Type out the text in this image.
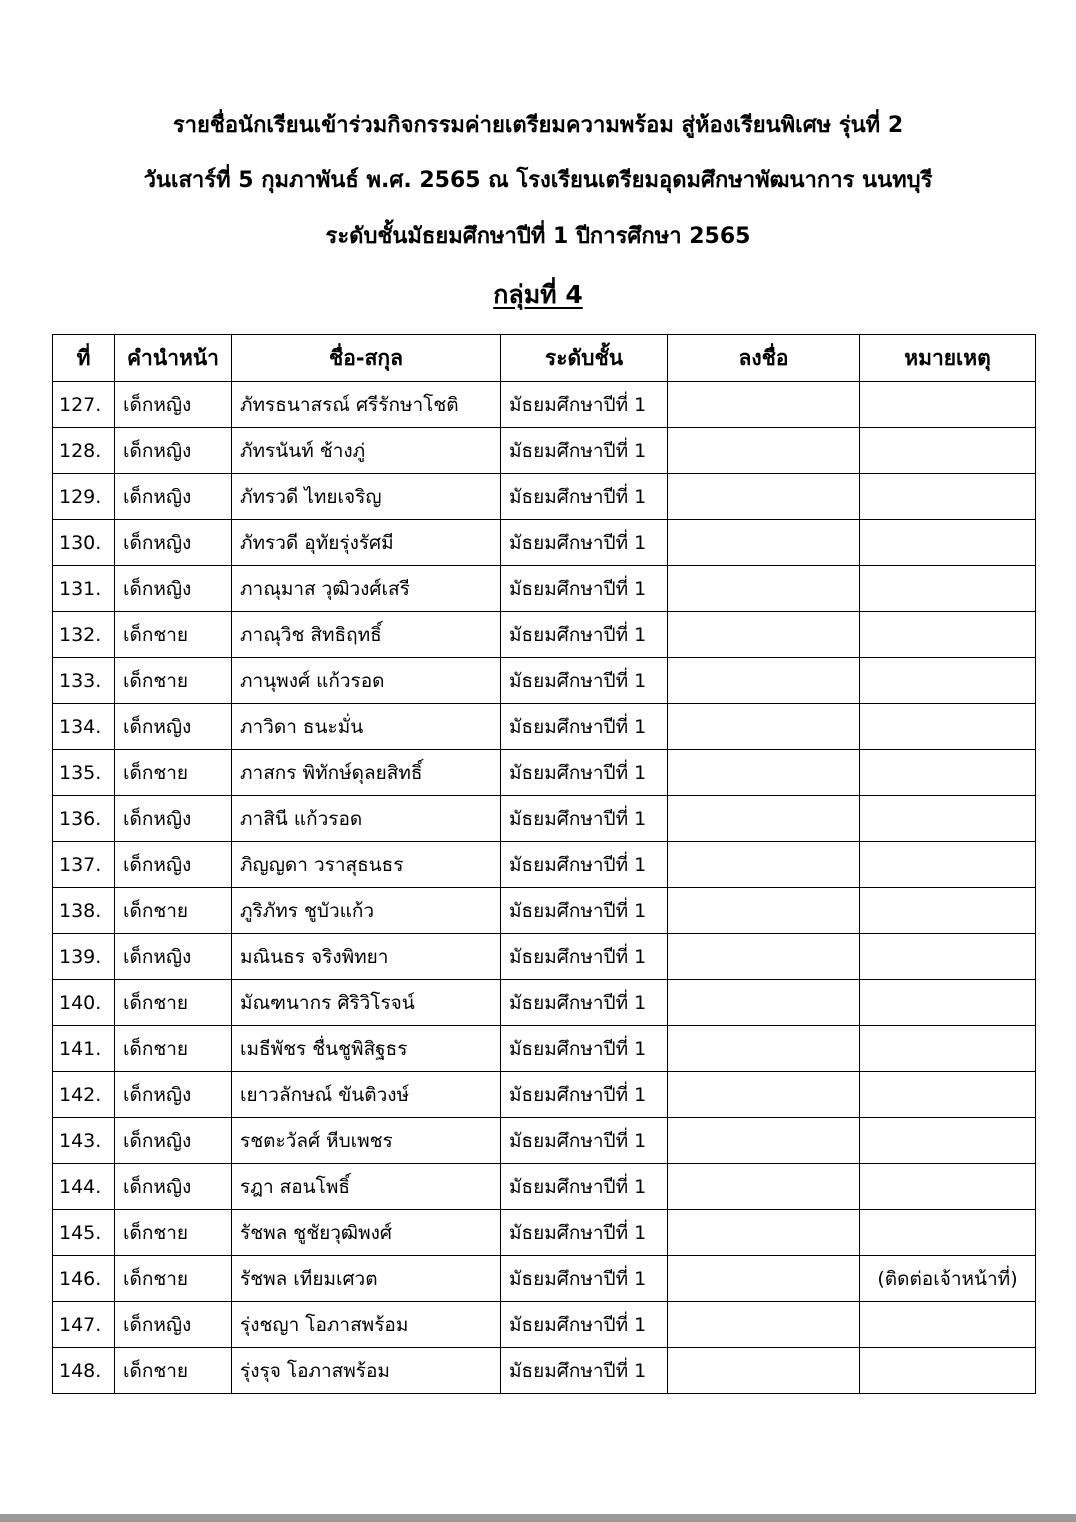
รายชื่อนักเรียนเข้าร่วมกิจกรรมค่ายเตรียมความพร้อม สู่ห้องเรียนพิเศษ รุ่นที่ 2
วันเสาร์ที่ 5 กุมภาพันธ์ พ.ศ. 2565 ณ โรงเรียนเตรียมอุดมศึกษาพัฒนาการ นนทบุรี
ระดับชั้นมัธยมศึกษาปีที่ 1 ปีการศึกษา 2565
กลุ่มที่ 4
ที่	คำนำหน้า	ชื่อ-สกุล	ระดับชั้น	ลงชื่อ	หมายเหตุ
127.	เด็กหญิง	ภัทรธนาสรณ์ ศรีรักษาโชติ	มัธยมศึกษาปีที่ 1		
128.	เด็กหญิง	ภัทรนันท์ ช้างภู่	มัธยมศึกษาปีที่ 1		
129.	เด็กหญิง	ภัทรวดี ไทยเจริญ	มัธยมศึกษาปีที่ 1		
130.	เด็กหญิง	ภัทรวดี อุทัยรุ่งรัศมี	มัธยมศึกษาปีที่ 1		
131.	เด็กหญิง	ภาณุมาส วุฒิวงศ์เสรี	มัธยมศึกษาปีที่ 1		
132.	เด็กชาย	ภาณุวิช สิทธิฤทธิ์	มัธยมศึกษาปีที่ 1		
133.	เด็กชาย	ภานุพงศ์ แก้วรอด	มัธยมศึกษาปีที่ 1		
134.	เด็กหญิง	ภาวิดา ธนะมั่น	มัธยมศึกษาปีที่ 1		
135.	เด็กชาย	ภาสกร พิทักษ์ดุลยสิทธิ์	มัธยมศึกษาปีที่ 1		
136.	เด็กหญิง	ภาสินี แก้วรอด	มัธยมศึกษาปีที่ 1		
137.	เด็กหญิง	ภิญญดา วราสุธนธร	มัธยมศึกษาปีที่ 1		
138.	เด็กชาย	ภูริภัทร ชูบัวแก้ว	มัธยมศึกษาปีที่ 1		
139.	เด็กหญิง	มณินธร จริงพิทยา	มัธยมศึกษาปีที่ 1		
140.	เด็กชาย	มัณฑนากร ศิริวิโรจน์	มัธยมศึกษาปีที่ 1		
141.	เด็กชาย	เมธีพัชร ชื่นชูพิสิฐธร	มัธยมศึกษาปีที่ 1		
142.	เด็กหญิง	เยาวลักษณ์ ขันติวงษ์	มัธยมศึกษาปีที่ 1		
143.	เด็กหญิง	รชตะวัลศ์ หีบเพชร	มัธยมศึกษาปีที่ 1		
144.	เด็กหญิง	รฎา สอนโพธิ์	มัธยมศึกษาปีที่ 1		
145.	เด็กชาย	รัชพล ชูชัยวุฒิพงศ์	มัธยมศึกษาปีที่ 1		
146.	เด็กชาย	รัชพล เทียมเศวต	มัธยมศึกษาปีที่ 1		(ติดต่อเจ้าหน้าที่)
147.	เด็กหญิง	รุ่งชญา โอภาสพร้อม	มัธยมศึกษาปีที่ 1		
148.	เด็กชาย	รุ่งรุจ โอภาสพร้อม	มัธยมศึกษาปีที่ 1		
